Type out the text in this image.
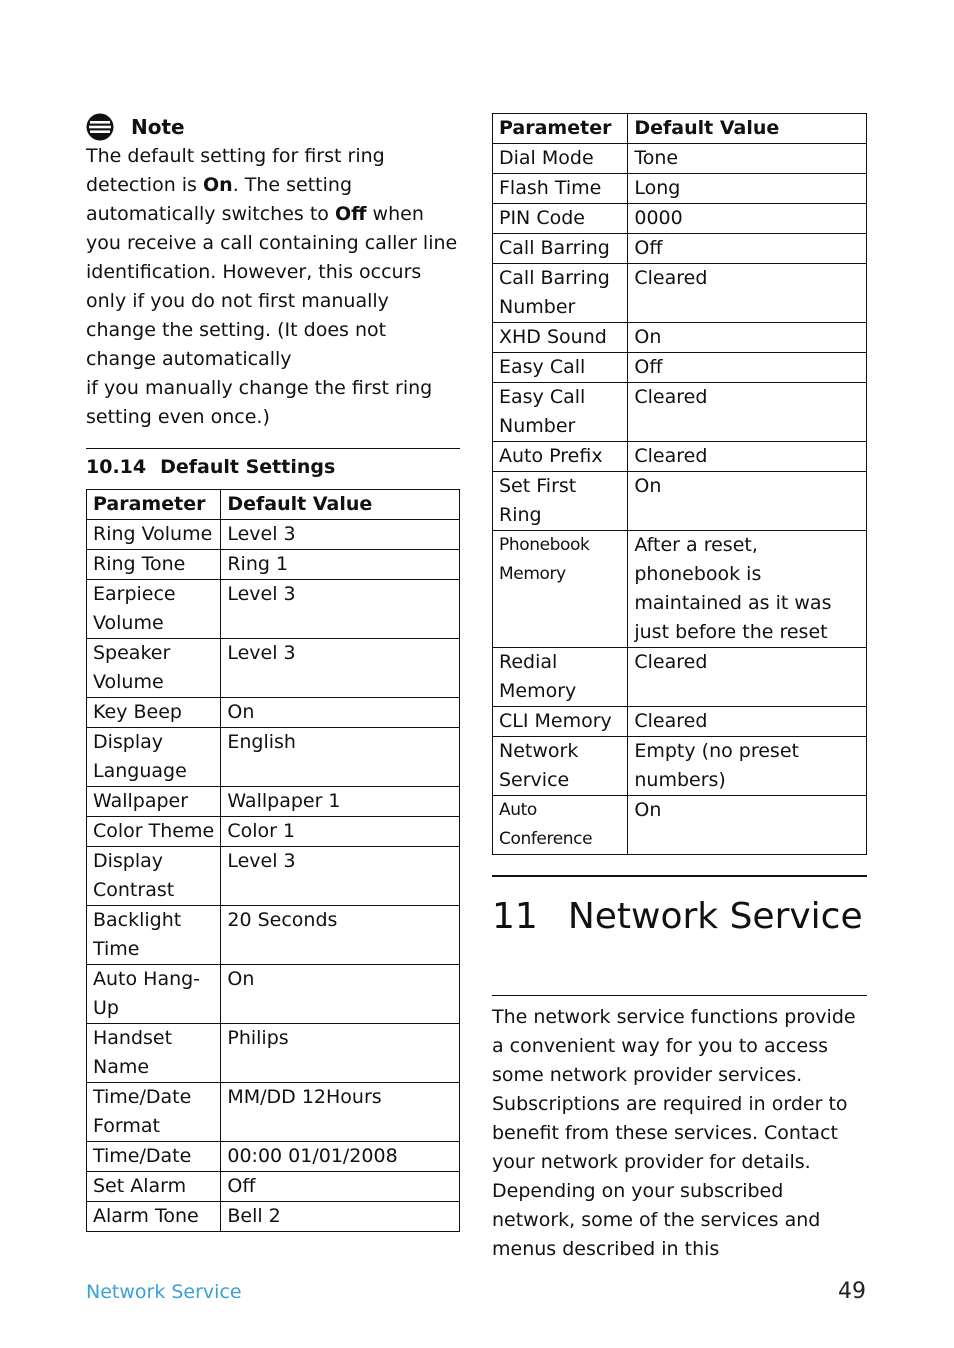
Note

The default setting for first ring detection is On. The setting automatically switches to Off when you receive a call containing caller line identification. However, this occurs only if you do not first manually change the setting. (It does not change automatically
if you manually change the first ring setting even once.)

10.14 Default Settings
Parameter	Default Value
Ring Volume	Level 3
Ring Tone	Ring 1
Earpiece Volume	Level 3
Speaker Volume	Level 3
Key Beep	On
Display Language	English
Wallpaper	Wallpaper 1
Color Theme	Color 1
Display Contrast	Level 3
Backlight Time	20 Seconds
Auto Hang-Up	On
Handset Name	Philips
Time/Date Format	MM/DD 12Hours
Time/Date	00:00 01/01/2008
Set Alarm	Off
Alarm Tone	Bell 2
Parameter	Default Value
Dial Mode	Tone
Flash Time	Long
PIN Code	0000
Call Barring	Off
Call Barring Number	Cleared
XHD Sound	On
Easy Call	Off
Easy Call Number	Cleared
Auto Prefix	Cleared
Set First Ring	On
Phonebook Memory	After a reset, phonebook is maintained as it was just before the reset
Redial Memory	Cleared
CLI Memory	Cleared
Network Service	Empty (no preset numbers)
Auto Conference	On
11 Network Service

The network service functions provide a convenient way for you to access some network provider services. Subscriptions are required in order to benefit from these services. Contact your network provider for details. Depending on your subscribed network, some of the services and menus described in this

Network Service	49
